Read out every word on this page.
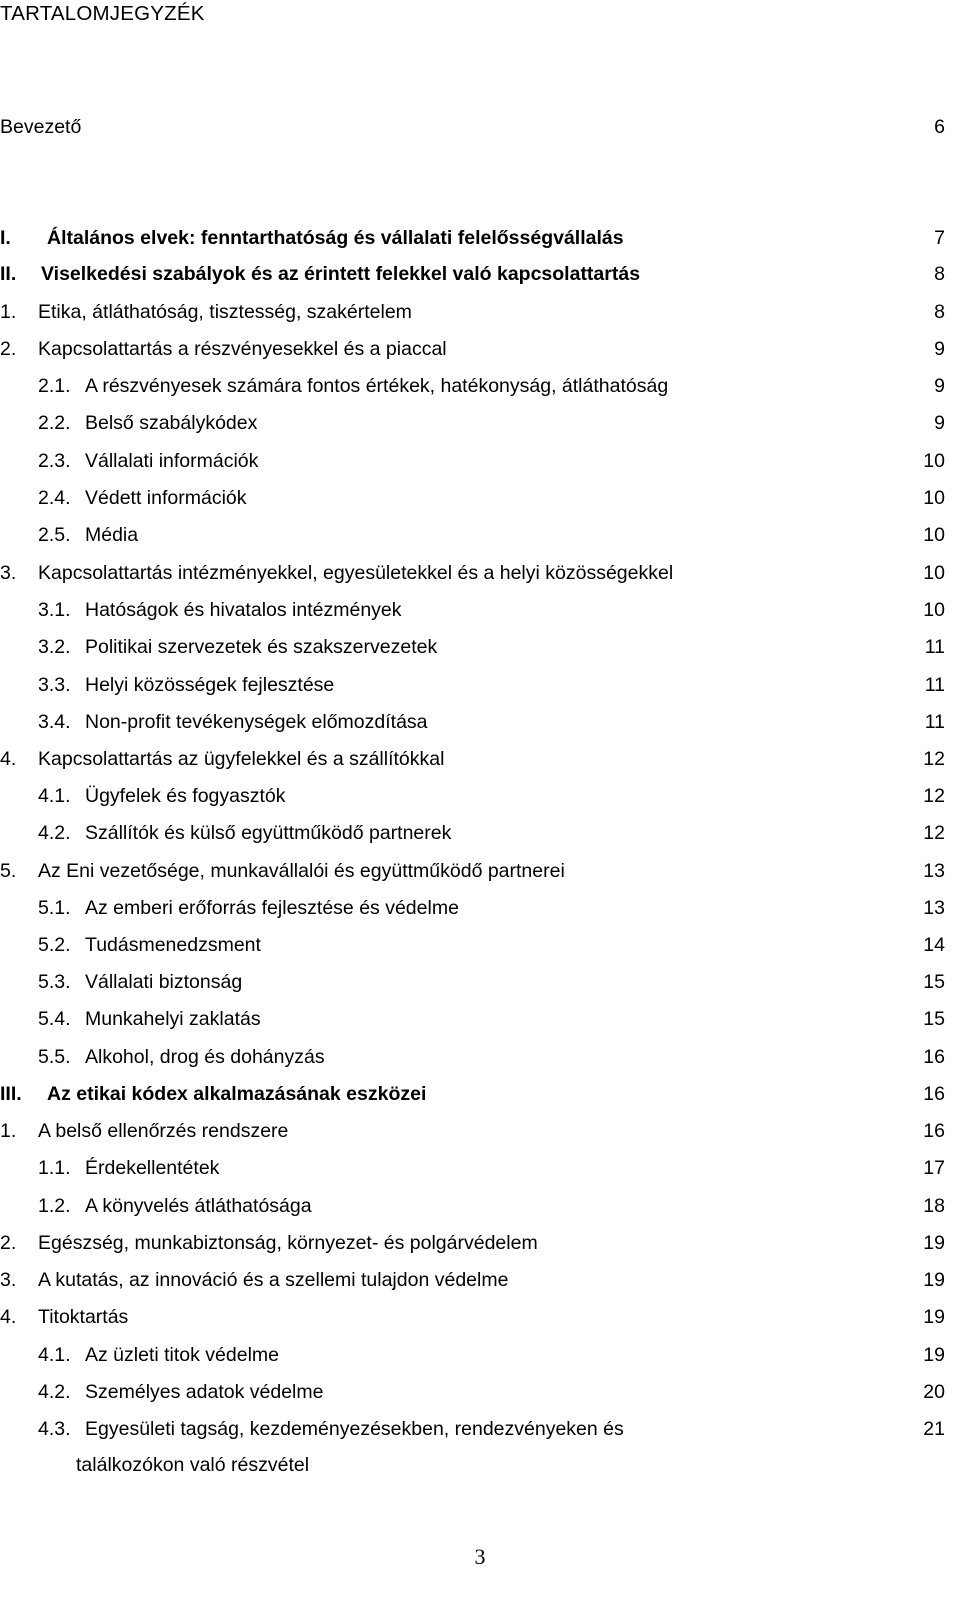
TARTALOMJEGYZÉK
Bevezető	6
I. Általános elvek: fenntarthatóság és vállalati felelősségvállalás	7
II. Viselkedési szabályok és az érintett felekkel való kapcsolattartás	8
1. Etika, átláthatóság, tisztesség, szakértelem	8
2. Kapcsolattartás a részvényesekkel és a piaccal	9
2.1. A részvényesek számára fontos értékek, hatékonyság, átláthatóság	9
2.2. Belső szabálykódex	9
2.3. Vállalati információk	10
2.4. Védett információk	10
2.5. Média	10
3. Kapcsolattartás intézményekkel, egyesületekkel és a helyi közösségekkel	10
3.1. Hatóságok és hivatalos intézmények	10
3.2. Politikai szervezetek és szakszervezetek	11
3.3. Helyi közösségek fejlesztése	11
3.4. Non-profit tevékenységek előmozdítása	11
4. Kapcsolattartás az ügyfelekkel és a szállítókkal	12
4.1. Ügyfelek és fogyasztók	12
4.2. Szállítók és külső együttműködő partnerek	12
5. Az Eni vezetősége, munkavállalói és együttműködő partnerei	13
5.1. Az emberi erőforrás fejlesztése és védelme	13
5.2. Tudásmenedzsment	14
5.3. Vállalati biztonság	15
5.4. Munkahelyi zaklatás	15
5.5. Alkohol, drog és dohányzás	16
III. Az etikai kódex alkalmazásának eszközei	16
1. A belső ellenőrzés rendszere	16
1.1. Érdekellentétek	17
1.2. A könyvelés átláthatósága	18
2. Egészség, munkabiztonság, környezet- és polgárvédelem	19
3. A kutatás, az innováció és a szellemi tulajdon védelme	19
4. Titoktartás	19
4.1. Az üzleti titok védelme	19
4.2. Személyes adatok védelme	20
4.3. Egyesületi tagság, kezdeményezésekben, rendezvényeken és	21
találkozókon való részvétel
3
